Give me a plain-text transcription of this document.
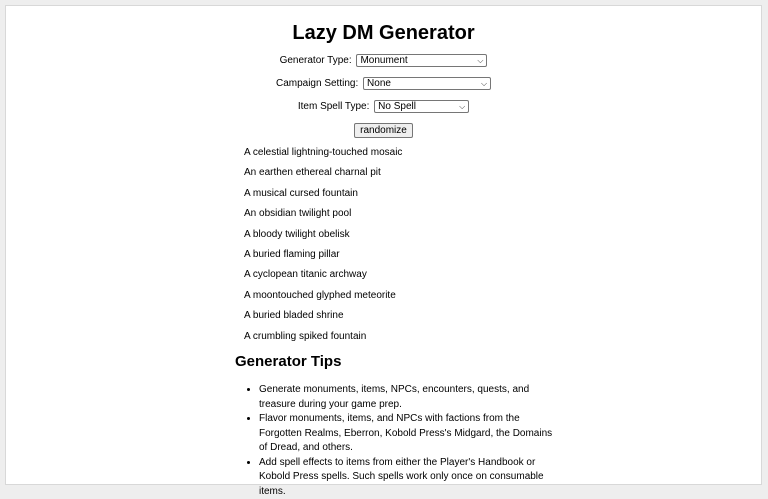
Lazy DM Generator
Generator Type: Monument	⌵
Campaign Setting: None	⌵
Item Spell Type: No Spell	⌵
randomize
A celestial lightning-touched mosaic
An earthen ethereal charnal pit
A musical cursed fountain
An obsidian twilight pool
A bloody twilight obelisk
A buried flaming pillar
A cyclopean titanic archway
A moontouched glyphed meteorite
A buried bladed shrine
A crumbling spiked fountain
Generator Tips
• Generate monuments, items, NPCs, encounters, quests, and treasure during your game prep.
• Flavor monuments, items, and NPCs with factions from the Forgotten Realms, Eberron, Kobold Press's Midgard, the Domains of Dread, and others.
• Add spell effects to items from either the Player's Handbook or Kobold Press spells. Such spells work only once on consumable items.
